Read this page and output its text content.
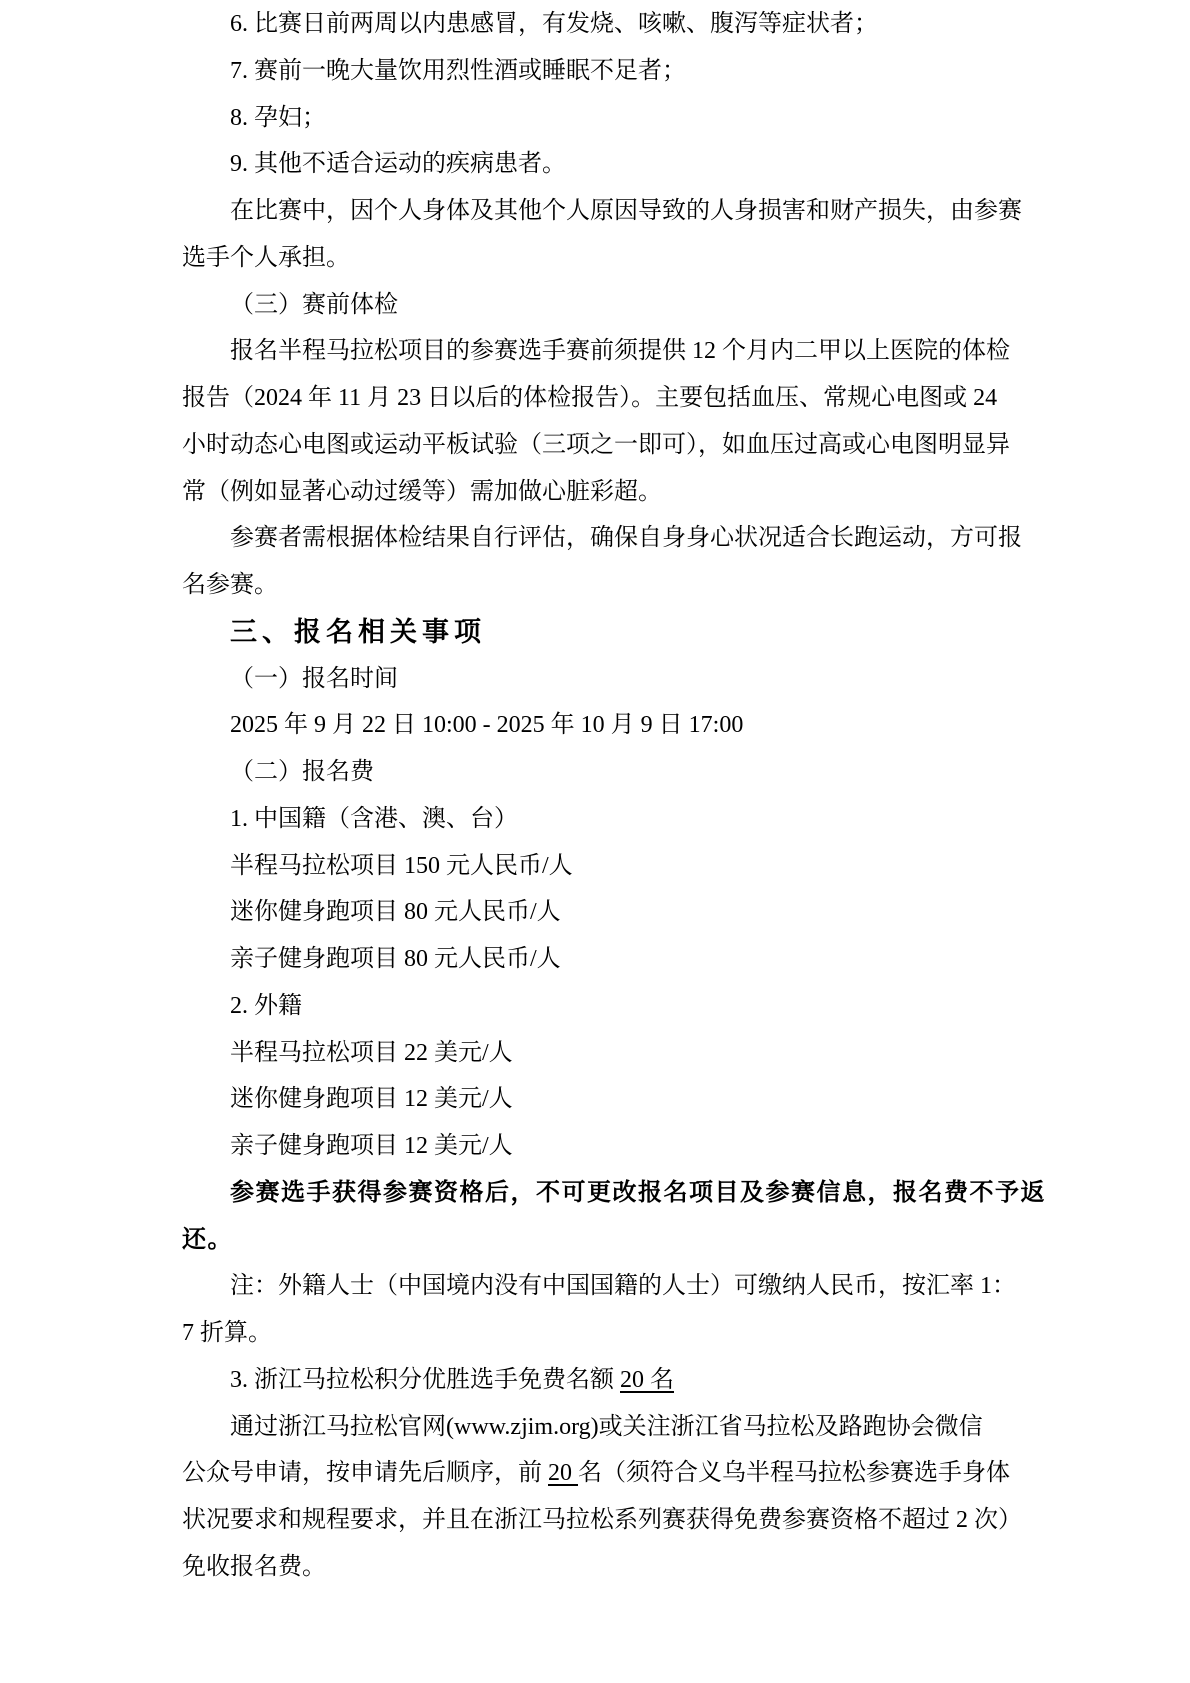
6. 比赛日前两周以内患感冒，有发烧、咳嗽、腹泻等症状者；
7. 赛前一晚大量饮用烈性酒或睡眠不足者；
8. 孕妇；
9. 其他不适合运动的疾病患者。
在比赛中，因个人身体及其他个人原因导致的人身损害和财产损失，由参赛
选手个人承担。
（三）赛前体检
报名半程马拉松项目的参赛选手赛前须提供 12 个月内二甲以上医院的体检
报告（2024 年 11 月 23 日以后的体检报告）。主要包括血压、常规心电图或 24
小时动态心电图或运动平板试验（三项之一即可），如血压过高或心电图明显异
常（例如显著心动过缓等）需加做心脏彩超。
参赛者需根据体检结果自行评估，确保自身身心状况适合长跑运动，方可报
名参赛。
三、报名相关事项
（一）报名时间
2025 年 9 月 22 日 10:00 - 2025 年 10 月 9 日 17:00
（二）报名费
1. 中国籍（含港、澳、台）
半程马拉松项目 150 元人民币/人
迷你健身跑项目 80 元人民币/人
亲子健身跑项目 80 元人民币/人
2. 外籍
半程马拉松项目 22 美元/人
迷你健身跑项目 12 美元/人
亲子健身跑项目 12 美元/人
参赛选手获得参赛资格后，不可更改报名项目及参赛信息，报名费不予返
还。
注：外籍人士（中国境内没有中国国籍的人士）可缴纳人民币，按汇率 1：
7 折算。
3. 浙江马拉松积分优胜选手免费名额 20 名
通过浙江马拉松官网(www.zjim.org)或关注浙江省马拉松及路跑协会微信
公众号申请，按申请先后顺序，前 20 名（须符合义乌半程马拉松参赛选手身体
状况要求和规程要求，并且在浙江马拉松系列赛获得免费参赛资格不超过 2 次）
免收报名费。
